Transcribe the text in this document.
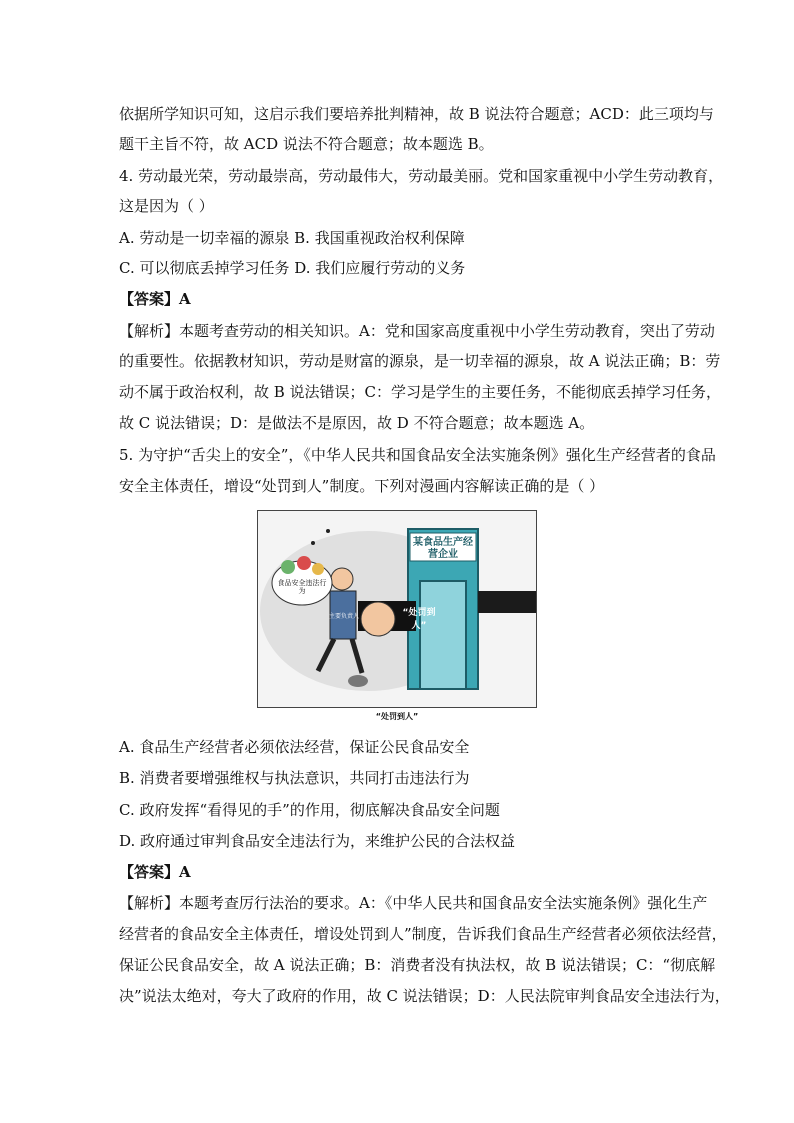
依据所学知识可知，这启示我们要培养批判精神，故 B 说法符合题意；ACD：此三项均与
题干主旨不符，故 ACD 说法不符合题意；故本题选 B。
4. 劳动最光荣，劳动最崇高，劳动最伟大，劳动最美丽。党和国家重视中小学生劳动教育，
这是因为（ ）
A. 劳动是一切幸福的源泉 B. 我国重视政治权利保障
C. 可以彻底丢掉学习任务 D. 我们应履行劳动的义务
【答案】A
【解析】本题考查劳动的相关知识。A：党和国家高度重视中小学生劳动教育，突出了劳动
的重要性。依据教材知识，劳动是财富的源泉，是一切幸福的源泉，故 A 说法正确；B：劳
动不属于政治权利，故 B 说法错误；C：学习是学生的主要任务，不能彻底丢掉学习任务，
故 C 说法错误；D：是做法不是原因，故 D 不符合题意；故本题选 A。
5. 为守护“舌尖上的安全”，《中华人民共和国食品安全法实施条例》强化生产经营者的食品
安全主体责任，增设“处罚到人”制度。下列对漫画内容解读正确的是（ ）
某食品生产经营企业
食品安全违法行为
主要负责人	“处罚到人”
“处罚到人”
A. 食品生产经营者必须依法经营，保证公民食品安全
B. 消费者要增强维权与执法意识，共同打击违法行为
C. 政府发挥“看得见的手”的作用，彻底解决食品安全问题
D. 政府通过审判食品安全违法行为，来维护公民的合法权益
【答案】A
【解析】本题考查厉行法治的要求。A：《中华人民共和国食品安全法实施条例》强化生产
经营者的食品安全主体责任，增设处罚到人”制度，告诉我们食品生产经营者必须依法经营，
保证公民食品安全，故 A 说法正确；B：消费者没有执法权，故 B 说法错误；C：“彻底解
决”说法太绝对，夸大了政府的作用，故 C 说法错误；D：人民法院审判食品安全违法行为，
